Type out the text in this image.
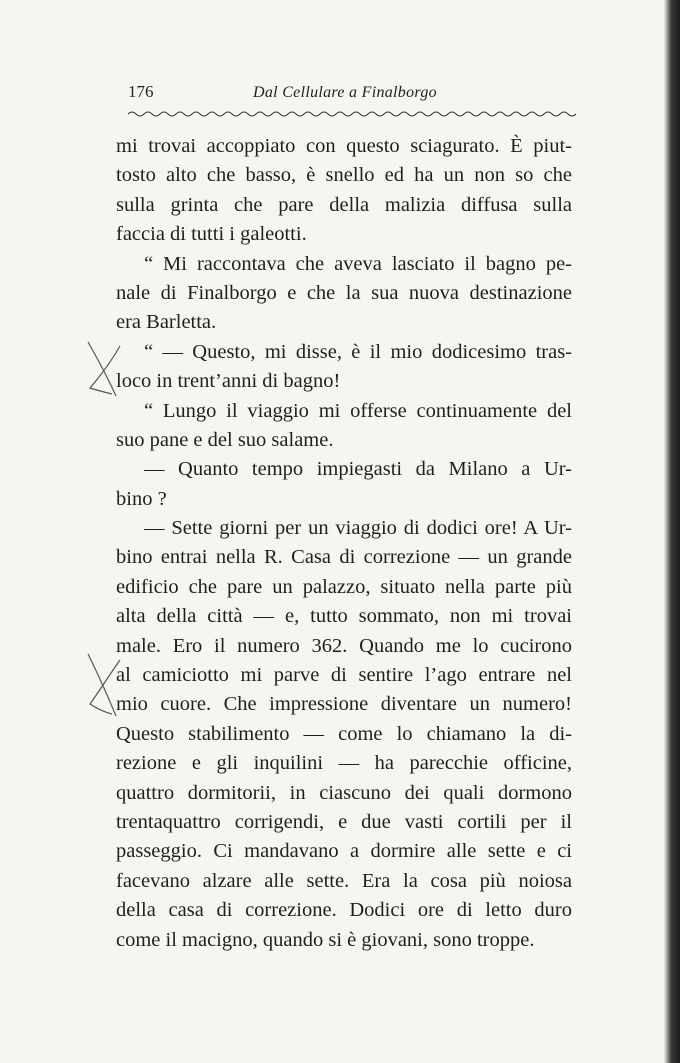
176	Dal Cellulare a Finalborgo
mi trovai accoppiato con questo sciagurato. È piut-
tosto alto che basso, è snello ed ha un non so che
sulla grinta che pare della malizia diffusa sulla
faccia di tutti i galeotti.
“ Mi raccontava che aveva lasciato il bagno pe-
nale di Finalborgo e che la sua nuova destinazione
era Barletta.
“ — Questo, mi disse, è il mio dodicesimo tras-
loco in trent’anni di bagno!
“ Lungo il viaggio mi offerse continuamente del
suo pane e del suo salame.
— Quanto tempo impiegasti da Milano a Ur-
bino ?
— Sette giorni per un viaggio di dodici ore! A Ur-
bino entrai nella R. Casa di correzione — un grande
edificio che pare un palazzo, situato nella parte più
alta della città — e, tutto sommato, non mi trovai
male. Ero il numero 362. Quando me lo cucirono
al camiciotto mi parve di sentire l’ago entrare nel
mio cuore. Che impressione diventare un numero!
Questo stabilimento — come lo chiamano la di-
rezione e gli inquilini — ha parecchie officine,
quattro dormitorii, in ciascuno dei quali dormono
trentaquattro corrigendi, e due vasti cortili per il
passeggio. Ci mandavano a dormire alle sette e ci
facevano alzare alle sette. Era la cosa più noiosa
della casa di correzione. Dodici ore di letto duro
come il macigno, quando si è giovani, sono troppe.
